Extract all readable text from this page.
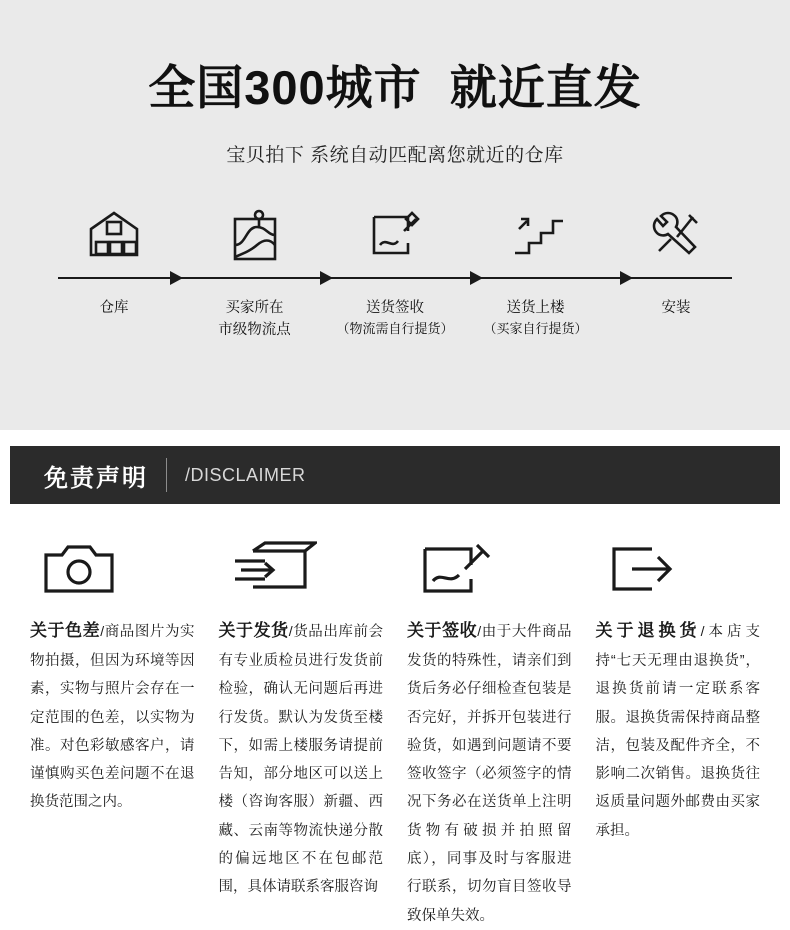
全国300城市  就近直发
宝贝拍下 系统自动匹配离您就近的仓库
仓库	买家所在
市级物流点
送货签收
（物流需自行提货）
送货上楼
（买家自行提货）
安装
免责声明 /DISCLAIMER
关于色差/商品图片为实物拍摄，但因为环境等因素，实物与照片会存在一定范围的色差，以实物为准。对色彩敏感客户，请谨慎购买色差问题不在退换货范围之内。
关于发货/货品出库前会有专业质检员进行发货前检验，确认无问题后再进行发货。默认为发货至楼下，如需上楼服务请提前告知，部分地区可以送上楼（咨询客服）新疆、西藏、云南等物流快递分散的偏远地区不在包邮范围，具体请联系客服咨询
关于签收/由于大件商品发货的特殊性，请亲们到货后务必仔细检查包装是否完好，并拆开包装进行验货，如遇到问题请不要签收签字（必须签字的情况下务必在送货单上注明货物有破损并拍照留底），同事及时与客服进行联系，切勿盲目签收导致保单失效。
关于退换货/本店支持“七天无理由退换货”，退换货前请一定联系客服。退换货需保持商品整洁，包装及配件齐全，不影响二次销售。退换货往返质量问题外邮费由买家承担。
